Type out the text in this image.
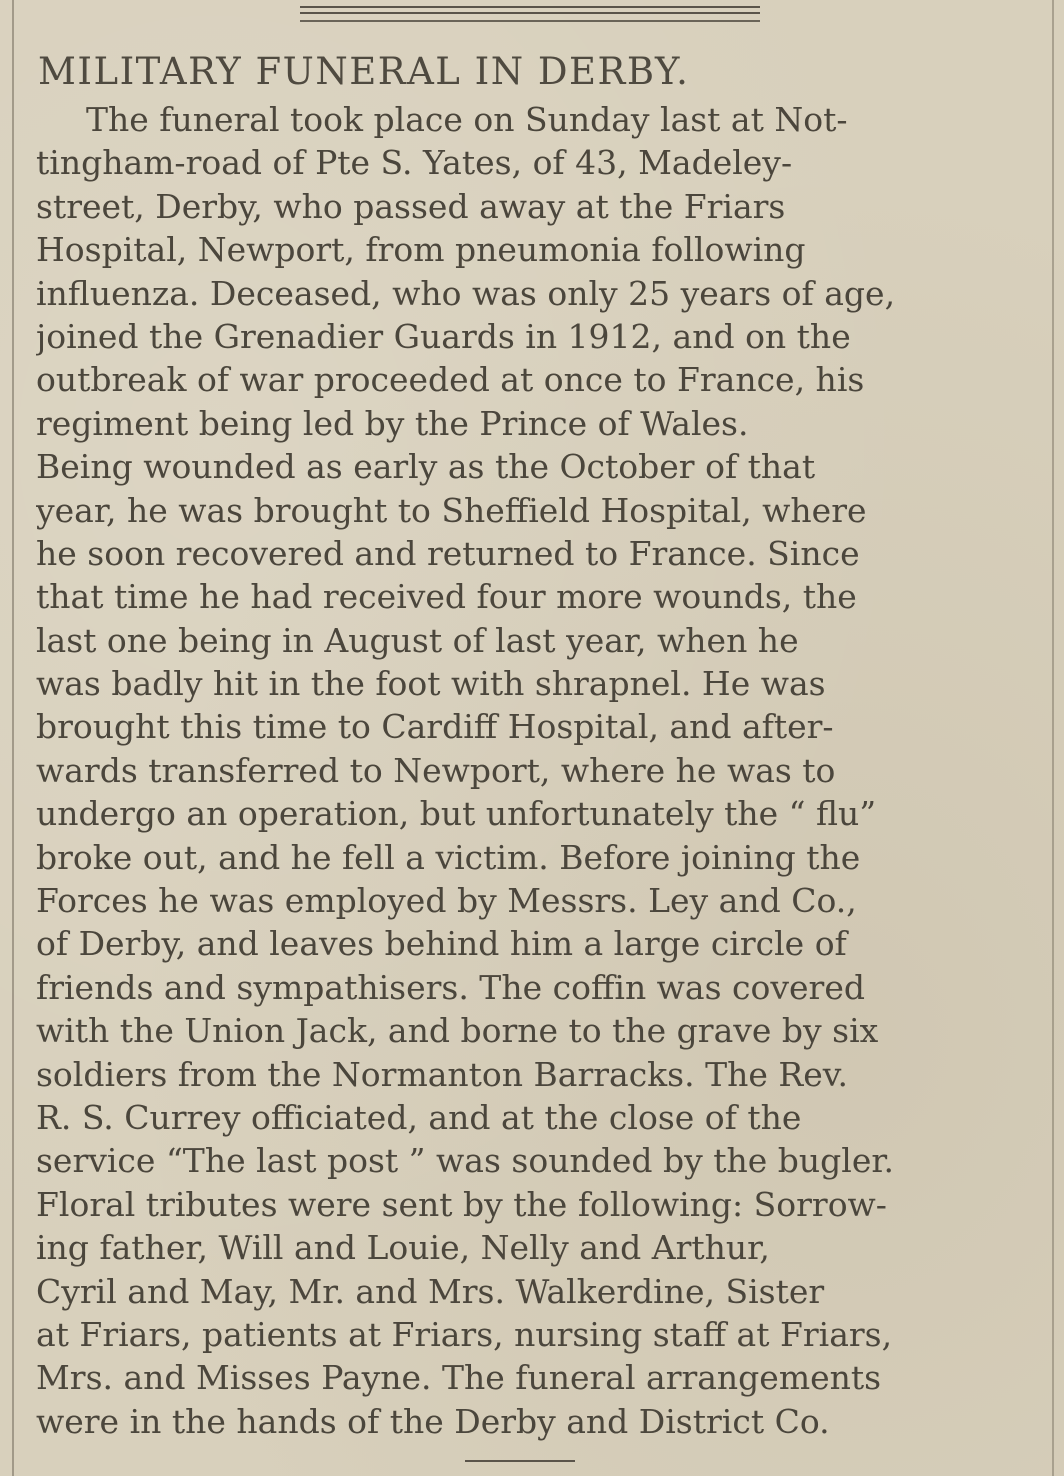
MILITARY FUNERAL IN DERBY.
The funeral took place on Sunday last at Not-
tingham-road of Pte S. Yates, of 43, Madeley-
street, Derby, who passed away at the Friars
Hospital, Newport, from pneumonia following
influenza. Deceased, who was only 25 years of age,
joined the Grenadier Guards in 1912, and on the
outbreak of war proceeded at once to France, his
regiment being led by the Prince of Wales.
Being wounded as early as the October of that
year, he was brought to Sheffield Hospital, where
he soon recovered and returned to France. Since
that time he had received four more wounds, the
last one being in August of last year, when he
was badly hit in the foot with shrapnel. He was
brought this time to Cardiff Hospital, and after-
wards transferred to Newport, where he was to
undergo an operation, but unfortunately the “ flu”
broke out, and he fell a victim. Before joining the
Forces he was employed by Messrs. Ley and Co.,
of Derby, and leaves behind him a large circle of
friends and sympathisers. The coffin was covered
with the Union Jack, and borne to the grave by six
soldiers from the Normanton Barracks. The Rev.
R. S. Currey officiated, and at the close of the
service “The last post ” was sounded by the bugler.
Floral tributes were sent by the following: Sorrow-
ing father, Will and Louie, Nelly and Arthur,
Cyril and May, Mr. and Mrs. Walkerdine, Sister
at Friars, patients at Friars, nursing staff at Friars,
Mrs. and Misses Payne. The funeral arrangements
were in the hands of the Derby and District Co.
